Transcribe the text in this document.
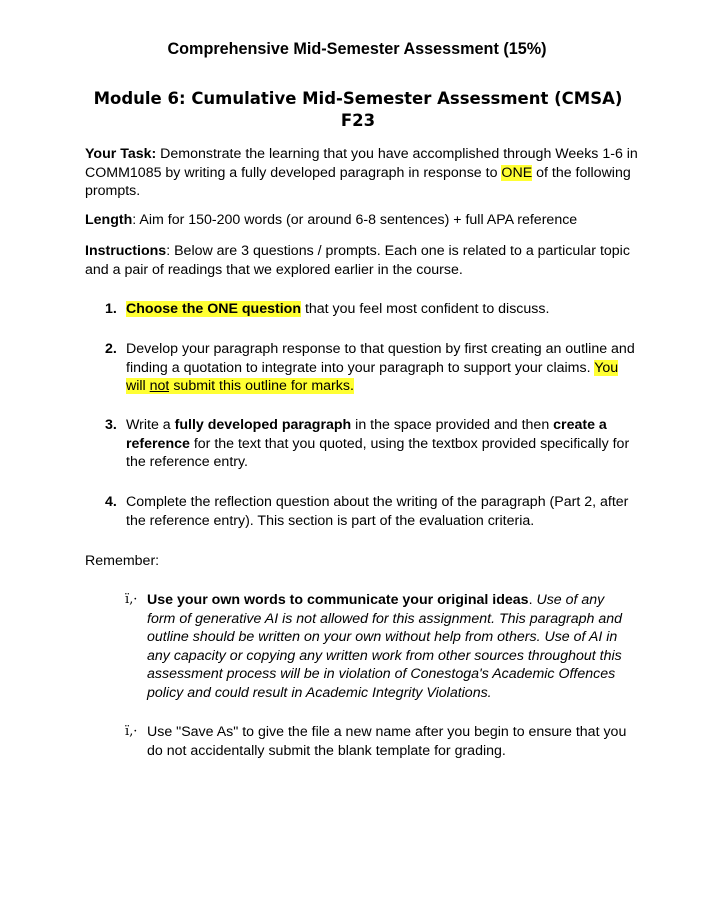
Comprehensive Mid-Semester Assessment (15%)
Module 6: Cumulative Mid-Semester Assessment (CMSA)
F23

Your Task: Demonstrate the learning that you have accomplished through Weeks 1-6 in COMM1085 by writing a fully developed paragraph in response to ONE of the following prompts.

Length: Aim for 150-200 words (or around 6-8 sentences) + full APA reference

Instructions: Below are 3 questions / prompts. Each one is related to a particular topic and a pair of readings that we explored earlier in the course.

1. Choose the ONE question that you feel most confident to discuss.
2. Develop your paragraph response to that question by first creating an outline and finding a quotation to integrate into your paragraph to support your claims. You will not submit this outline for marks.
3. Write a fully developed paragraph in the space provided and then create a reference for the text that you quoted, using the textbox provided specifically for the reference entry.
4. Complete the reflection question about the writing of the paragraph (Part 2, after the reference entry). This section is part of the evaluation criteria.

Remember:

ï‚· Use your own words to communicate your original ideas. Use of any form of generative AI is not allowed for this assignment. This paragraph and outline should be written on your own without help from others. Use of AI in any capacity or copying any written work from other sources throughout this assessment process will be in violation of Conestoga's Academic Offences policy and could result in Academic Integrity Violations.
ï‚· Use "Save As" to give the file a new name after you begin to ensure that you do not accidentally submit the blank template for grading.
